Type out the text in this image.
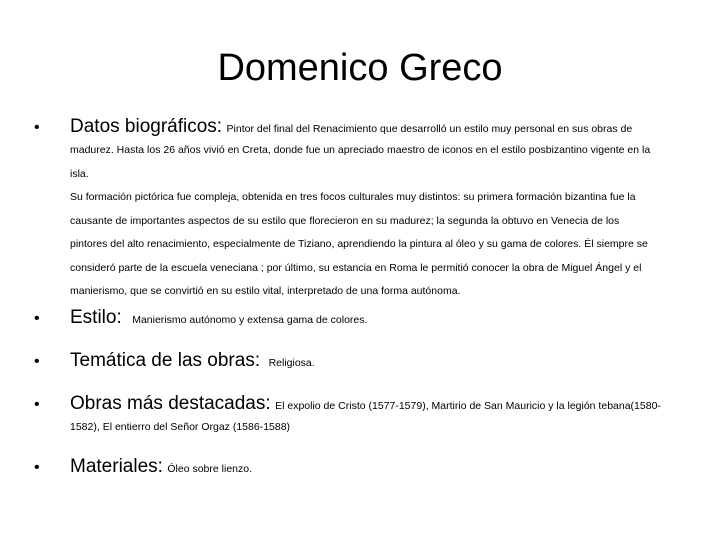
Domenico Greco
• Datos biográficos: Pintor del final del Renacimiento que desarrolló un estilo muy personal en sus obras de

madurez. Hasta los 26 años vivió en Creta, donde fue un apreciado maestro de iconos en el estilo posbizantino vigente en la

isla.

Su formación pictórica fue compleja, obtenida en tres focos culturales muy distintos: su primera formación bizantina fue la

causante de importantes aspectos de su estilo que florecieron en su madurez; la segunda la obtuvo en Venecia de los

pintores del alto renacimiento, especialmente de Tiziano, aprendiendo la pintura al óleo y su gama de colores. Él siempre se

consideró parte de la escuela veneciana ; por último, su estancia en Roma le permitió conocer la obra de Miguel Ángel y el

manierismo, que se convirtió en su estilo vital, interpretado de una forma autónoma.

• Estilo: Manierismo autónomo y extensa gama de colores.
• Temática de las obras: Religiosa.
• Obras más destacadas: El expolio de Cristo (1577-1579), Martirio de San Mauricio y la legión tebana(1580-

1582), El entierro del Señor Orgaz (1586-1588)

• Materiales: Óleo sobre lienzo.
